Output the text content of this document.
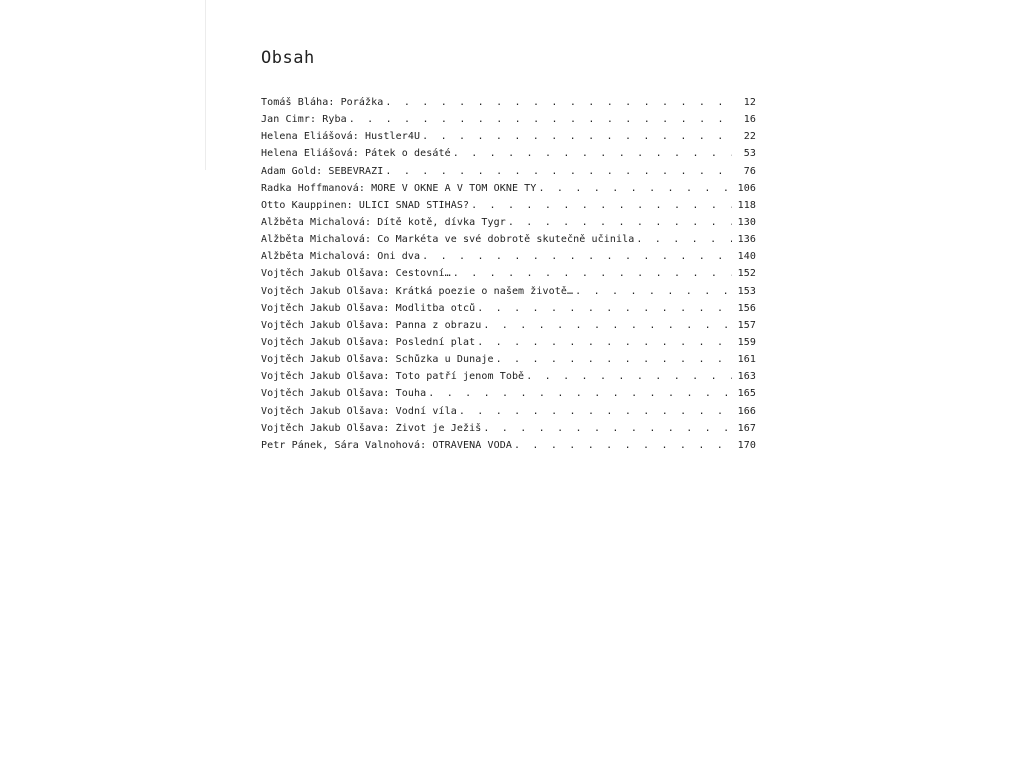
Obsah
Tomáš Bláha: Porážka . . .	12
Jan Cimr: Ryba . . .	16
Helena Eliášová: Hustler4U . . .	22
Helena Eliášová: Pátek o desáté . . .	53
Adam Gold: SEBEVRAZI . . .	76
Radka Hoffmanová: MORE V OKNE A V TOM OKNE TY . . .	106
Otto Kauppinen: ULICI SNAD STÍHÁŠ? . . .	118
Alžběta Michalová: Dítě kotě, dívka Tygr . . .	130
Alžběta Michalová: Co Markéta ve své dobrotě skutečně učinila . . .	136
Alžběta Michalová: Oni dva . . .	140
Vojtěch Jakub Olšava: Cestovní… . . .	152
Vojtěch Jakub Olšava: Krátká poezie o našem životě… . . .	153
Vojtěch Jakub Olšava: Modlitba otců . . .	156
Vojtěch Jakub Olšava: Panna z obrazu . . .	157
Vojtěch Jakub Olšava: Poslední plat . . .	159
Vojtěch Jakub Olšava: Schůzka u Dunaje . . .	161
Vojtěch Jakub Olšava: Toto patří jenom Tobě . . .	163
Vojtěch Jakub Olšava: Touha . . .	165
Vojtěch Jakub Olšava: Vodní víla . . .	166
Vojtěch Jakub Olšava: Život je Ježiš . . .	167
Petr Pánek, Sára Valnohová: OTRÁVENÁ VODA . . .	170
